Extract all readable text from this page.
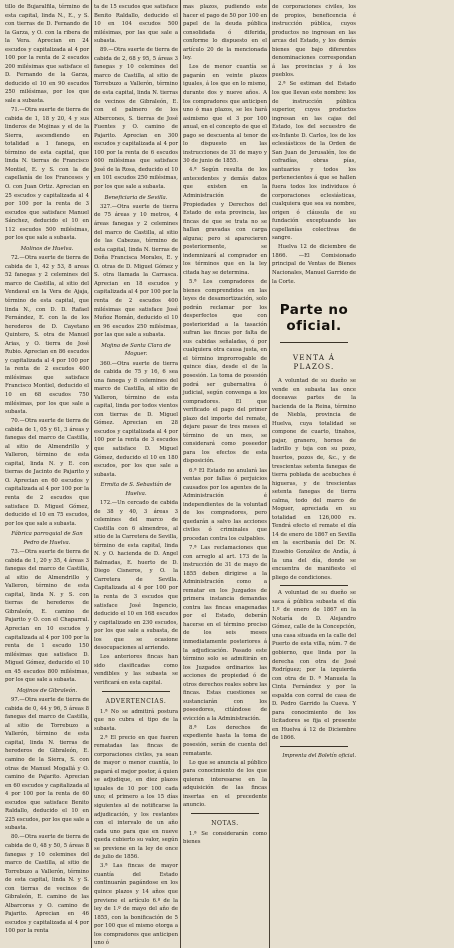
tillo de Bujaralfila, término de esta capital, linda N., E., y S. con tierras de D. Fernando de la Garza, y O. con la ribera de la Vera. Aprecian en 24 escudos y capitalizada al 4 por 100 por la renta de 2 escudos 200 milésimas que satisface el D. Fernando de la Garza, deducido el 10 en 90 escudos 250 milésimas, por los que sale a subasta.

71.—Otra suerte de tierra de cabida de 1, 18 y 20, 4 y sus linderos de Mojinas y el de la Sierra, ascendiendo en totalidad a 1 fanega, en término de esta capital, que linda N. tierras de Francisco Montiel, E. y S. con la de capellanía de los Franceses y O. con Juan Ortiz. Aprecian en 25 escudos y capitalizada al 4 por 100 por la renta de 3 escudos que satisface Manuel Sánchez, deducido el 10 en 112 escudos 500 milésimas, por los que sale a subasta.

Molinos de Huelva.

72.—Otra suerte de tierra de cabida de 1, 42 y 53, 8 areas 52 fanegas y 2 celemines del marco de Castilla, al sitio del Vendaval en la Vera de Ajaja, término de esta capital, que linda N., con D. D. Rafael Fernández, E. con la de los herederos de D. Cayetano Quintero, S. otra de Manuel Arias, y O. tierra de José Rubio. Aprecian en 86 escudos y capitalizada al 4 por 100 por la renta de 2 escudos 400 milésimas que satisface Francisco Montiel, deducido el 10 en 68 escudos 750 milésimas, por los que sale a subasta.

70.—Otra suerte de tierra de cabida de 1, 05 y 61, 3 áreas y fanegas del marco de Castilla, al sitio de Almendrillo y Valleron, término de esta capital, linda N. y E. con tierras de Jacinto de Pajarito y O. Aprecian en 60 escudos y capitalizada al 4 por 100 por la renta de 2 escudos que satisface D. Miguel Gómez, deducido el 10 en 75 escudos, por los que sale a subasta.

Fábrica parroquial de San Pedro de Huelva.

73.—Otra suerte de tierra de cabida de 1, 20 y 35, 4 áreas 3 fanegas del marco de Castilla, al sitio de Almendrillo y Valleron, término de esta capital, linda N. y S. con tierras de herederos de Gibraleón, E. camino de Pajarito y O. con el Chaparral. Aprecian en 10 escudos y capitalizada al 4 por 100 por la renta de 1 escudo 150 milésimas que satisface D. Miguel Gómez, deducido el 10 en 45 escudos 800 milésimas, por los que sale a subasta.

Mojinos de Gibraleón.

97.—Otra suerte de tierra de cabida de 0, 44 y 96, 5 áreas 8 fanegas del marco de Castilla, al sitio de Torrebuzo a Vallerón, término de esta capital, linda N. tierras de herederos de Gibraleón, E. camino de la Sierra, S. con otras de Manuel Mogallá y O. camino de Pajarito. Aprecian en 60 escudos y capitalizada al 4 por 100 por la renta de 60 escudos que satisface Benito Raldallo, deducido el 10 en 225 escudos, por los que sale a subasta.

80.—Otra suerte de tierra de cabida de 0, 48 y 50, 5 áreas 8 fanegas y 10 celemines del marco de Castilla, al sitio de Torrebuzo a Vallerón, término de esta capital, linda N. y S. con tierras de vecinos de Gibraleón, E. camino de las Albarcoras y O. camino de Pajarito. Aprecian en 46 escudos y capitalizada al 4 por 100 por la renta

ta de 15 escudos que satisface Benito Raldallo, deducido el 10 en 104 escudos 500 milésimas, por las que sale a subasta.

89.—Otra suerte de tierra de cabida de 2, 68 y 95, 5 áreas 3 fanegas y 10 celemines del marco de Castilla, al sitio de Torrebuzo a Vallerón, término de esta capital, linda N. tierras de vecinos de Gibraleón, E. con el palmero de los Albercones, S. tierras de José Fuentes y O. camino de Pajarito. Aprecian en 300 escudos y capitalizada al 4 por 100 por la renta de 6 escudos 600 milésimas que satisface José de la Rosa, deducido el 10 en 101 escudos 250 milésimas, por los que sale a subasta.

Beneficiaria de Sevilla.

327.—Otra suerte de tierra de 75 áreas y 10 metros, 4 áreas fanegas y 2 celemines del marco de Castilla, al sitio de las Cabezas, término de esta capital, linda N. tierras de Doña Francisca Morales, E. y O. otras de D. Miguel Gómez y S. otra llamada la Carrasca. Aprecian en 18 escudos y capitalizada al 4 por 100 por la renta de 2 escudos 400 milésimas que satisface José Muñoz Román, deducido el 10 en 96 escudos 250 milésimas, por las que sale a subasta.

Mojina de Santa Clara de Moguer.

360.—Otra suerte de tierra de cabida de 75 y 16, 6 sea una fanega y 8 celemines del marco de Castilla, al sitio de Valleron, término de esta capital, linda por todos vientos con tierras de D. Miguel Gómez. Aprecian en 28 escudos y capitalizada al 4 por 100 por la renta de 3 escudos que satisface D. Miguel Gómez, deducido el 10 en 180 escudos, por los que sale a subasta.

Ermita de S. Sebastián de Huelva.

172.—Un cercado de cabida de 38 y 40, 3 áreas 3 celemines del marco de Castilla con 6 almendros, al sitio de la Carretera de Sevilla, término de esta capital, linda N. y O. hacienda de D. Angel Balmadas, E. huerto de D. Diego Cisneros, y O. la Carretera de Sevilla. Capitalizada al 4 por 100 por la renta de 3 escudos que satisface José Ingencio, deducido el 10 en 168 escudos y capitalizado en 230 escudos, por los que sale a subasta, de los que se ocasione desocupaciones al arriendo.

Los anteriores fincas han sido clasificadas como vendibles y las subasta se verificará en esta capital.

ADVERTENCIAS.

1.ª No se admitirá postura que no cubra el tipo de la subasta.

2.ª El precio en que fueren rematadas las fincas de corporaciones civiles, ya sean de mayor o menor cuantía, lo pagará el mejor postor, á quien se adjudique, en diez plazos iguales de 10 por 100 cada uno; el primero a los 15 días siguientes al de notificarse la adjudicación, y los restantes con el intervalo de un año cada uno para que en nueve queda cubierto su valor, según se previene en la ley de once de julio de 1856.

3.ª Las fincas de mayor cuantía del Estado continuarán pagándose en los quince plazos y 14 años que previene el artículo 6.º de la ley de 1.º de mayo del año de 1855, con la bonificación de 5 por 100 que el mismo otorga a los compradores que anticipen uno ó

mas plazos, pudiendo este hacer el pago de 50 por 100 en papel de la deuda pública consolidada ó diferida, conforme lo dispuesto en el artículo 20 de la mencionada ley.

Los de menor cuantía se pagarán en veinte plazos iguales, á los que en lo mismo, durante dos y nueve años. A los compradores que anticipen uno ó mas plazos, se les hará asimismo que el 3 por 100 anual, en el concepto de que el pago se descuenta al tenor de lo dispuesto en las instrucciones de 31 de mayo y 30 de junio de 1855.

4.ª Según resulta de los antecedentes y demás datos que existen en la Administración de Propiedades y Derechos del Estado de esta provincia, las fincas de que se trata no se hallan gravadas con carga alguna; pero si aparecieren posteriormente, se indemnizará al comprador en los términos que en la ley citada hay se determina.

5.ª Los compradores de bienes comprendidos en las leyes de desamortización, solo podrán reclamar por los desperfectos que con posterioridad a la tasación sufran las fincas por falta de sus cabidas señaladas, ó por cualquiera otra causa justa, en el término improrrogable de quince días, desde el de la posesión. La toma de posesión podrá ser gubernativa ó judicial, según convenga a los compradores. El que verificado el pago del primer plazo del importe del remate, dejare pasar de tres meses el término de un mes, se considerará como poseedor para los efectos de esta disposición.

6.ª El Estado no anulará las ventas por fallas ó perjuicios causados por los agentes de la Administración é independientes de la voluntad de los compradores, pero quedarán a salvo las acciones civiles ó criminales que procedan contra los culpables.

7.ª Las reclamaciones que con arreglo al art. 173 de la instrucción de 31 de mayo de 1855 deben dirigirse a la Administración como a rematar en los Juzgados de primera instancia demandas contra las fincas enagenadas por el Estado, deberán hacerse en el término preciso de los seis meses inmediatamente posteriores á la adjudicación. Pasado este término solo se admitirán en los Juzgados ordinarios las acciones de propiedad ó de otros derechos reales sobre las fincas. Estas cuestiones se sustanciarán con los poseedores, citándose de evicción a la Administración.

8.ª Los derechos de expediente hasta la toma de posesión, serán de cuenta del rematante.

Lo que se anuncia al público para conocimiento de los que quieran interesarse en la adquisición de las fincas insertas en el precedente anuncio.

NOTAS.

1.ª Se considerarán como bienes

de corporaciones civiles, los de propios, beneficencia é instrucción pública, cuyos productos no ingresan en las arcas del Estado, y los demás bienes que bajo diferentes denominaciones correspondan á las provincias y á los pueblos.

2.ª Se estiman del Estado los que llevan este nombre: los de instrucción pública superior, cuyos productos ingresan en las cajas del Estado, los del secuestro de ex-Infante D. Carlos, los de los eclesiásticos de la Orden de San Juan de Jerusalén, los de cofradías, obras pías, santuarios y todos los pertenecientes á que se hallen fuera todos los individuos ó corporaciones eclesiásticas, cualquiera que sea su nombre, origen ó cláusula de su fundación exceptuando las capellanías colectivas de sangre.

Huelva 12 de diciembre de 1866. —El Comisionado principal de Ventas de Bienes Nacionales, Manuel Garrido de la Corte.

Parte no oficial.
VENTA Á PLAZOS.

A voluntad de su dueño se vende en subasta las once doceavas partes de la hacienda de la Reina, término de Niebla, provincia de Huelva, cuya totalidad se compone de cuarto, tinahos, pajar, granero, hornos de ladrillo y teja con su pozo, huertos, pozos de, &c., y de trescientas setenta fanegas de tierra poblada de acebuches é higueras, y de trescientas setenta fanegas de tierra calma, todo del marco de Moguer, apreciada en su totalidad en 126,000 rs. Tendrá efecto el remate el día 14 de enero de 1867 en Sevilla en la escribanía del Dr. N. Eusebio González de Andía, á la una del día, donde se encuentra de manifiesto el pliego de condiciones.

A voluntad de su dueño se saca á pública subasta el día 1.º de enero de 1867 en la Notaría de D. Alejandro Gómez, calle de la Concepción, una casa situada en la calle del Puerto de esta villa, núm. 7 de gobierno, que linda por la derecha con otra de José Rodríguez; por la izquierda con otra de D. ª Manuela la Cinta Fernández y por la espalda con corral de casa de D. Pedro Garrido la Cueva. Y para conocimiento de los licitadores se fija el presente en Huelva á 12 de Diciembre de 1866.

Imprenta del Boletín oficial.
